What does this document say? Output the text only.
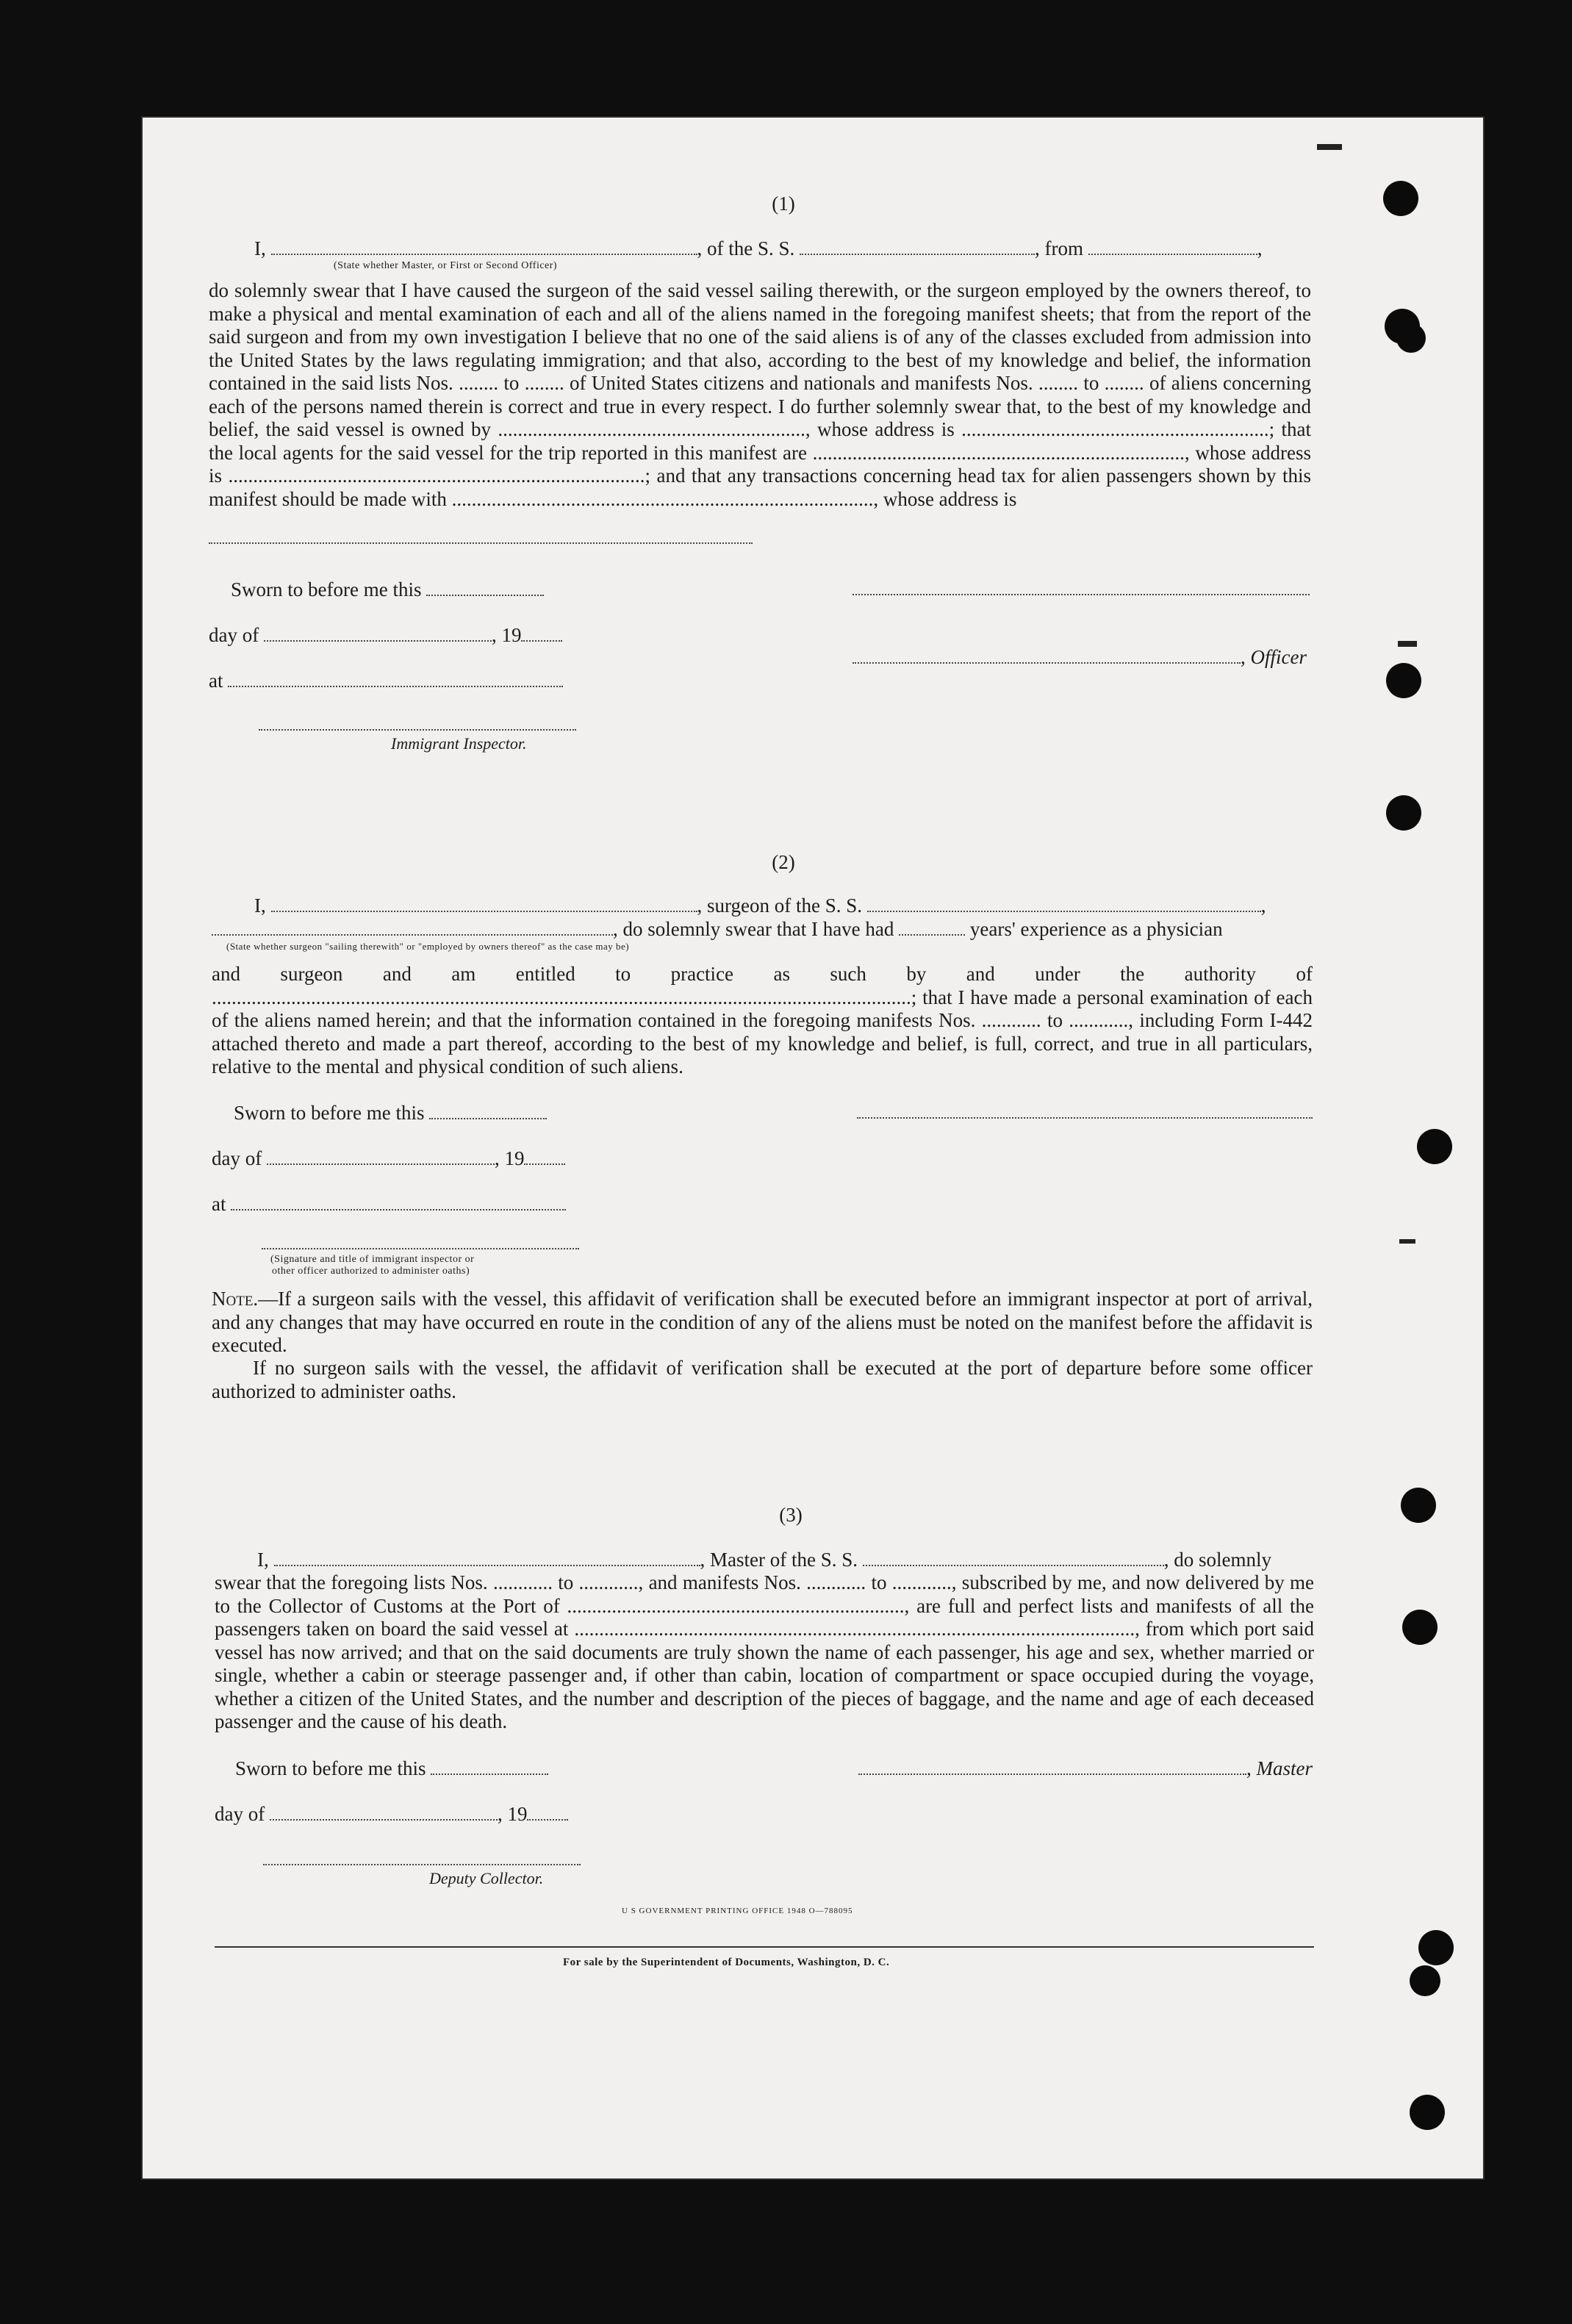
(1)
I,	, of the S. S.	, from	,
(State whether Master, or First or Second Officer)
do solemnly swear that I have caused the surgeon of the said vessel sailing therewith, or the surgeon employed by the owners thereof, to make a physical and mental examination of each and all of the aliens named in the foregoing manifest sheets; that from the report of the said surgeon and from my own investigation I believe that no one of the said aliens is of any of the classes excluded from admission into the United States by the laws regulating immigration; and that also, according to the best of my knowledge and belief, the information contained in the said lists Nos. ........ to ........ of United States citizens and nationals and manifests Nos. ........ to ........ of aliens concerning each of the persons named therein is correct and true in every respect. I do further solemnly swear that, to the best of my knowledge and belief, the said vessel is owned by .............................................................., whose address is ..............................................................; that the local agents for the said vessel for the trip reported in this manifest are ..........................................................................., whose address is ....................................................................................; and that any transactions concerning head tax for alien passengers shown by this manifest should be made with ....................................................................................., whose address is
Sworn to before me this
day of	, 19
, Officer
at
Immigrant Inspector.
(2)
I,	, surgeon of the S. S.	,
, do solemnly swear that I have had	years' experience as a physician
(State whether surgeon "sailing therewith" or "employed by owners thereof" as the case may be)
and surgeon and am entitled to practice as such by and under the authority of .............................................................................................................................................; that I have made a personal examination of each of the aliens named herein; and that the information contained in the foregoing manifests Nos. ............ to ............, including Form I-442 attached thereto and made a part thereof, according to the best of my knowledge and belief, is full, correct, and true in all particulars, relative to the mental and physical condition of such aliens.
Sworn to before me this
day of	, 19
at
(Signature and title of immigrant inspector or
other officer authorized to administer oaths)
Note.—If a surgeon sails with the vessel, this affidavit of verification shall be executed before an immigrant inspector at port of arrival, and any changes that may have occurred en route in the condition of any of the aliens must be noted on the manifest before the affidavit is executed.
If no surgeon sails with the vessel, the affidavit of verification shall be executed at the port of departure before some officer authorized to administer oaths.
(3)
I,	, Master of the S. S.	, do solemnly
swear that the foregoing lists Nos. ............ to ............, and manifests Nos. ............ to ............, subscribed by me, and now delivered by me to the Collector of Customs at the Port of ...................................................................., are full and perfect lists and manifests of all the passengers taken on board the said vessel at ................................................................................................................., from which port said vessel has now arrived; and that on the said documents are truly shown the name of each passenger, his age and sex, whether married or single, whether a cabin or steerage passenger and, if other than cabin, location of compartment or space occupied during the voyage, whether a citizen of the United States, and the number and description of the pieces of baggage, and the name and age of each deceased passenger and the cause of his death.
Sworn to before me this	, Master
day of	, 19
Deputy Collector.
U S GOVERNMENT PRINTING OFFICE 1948 O—788095
For sale by the Superintendent of Documents, Washington, D. C.
